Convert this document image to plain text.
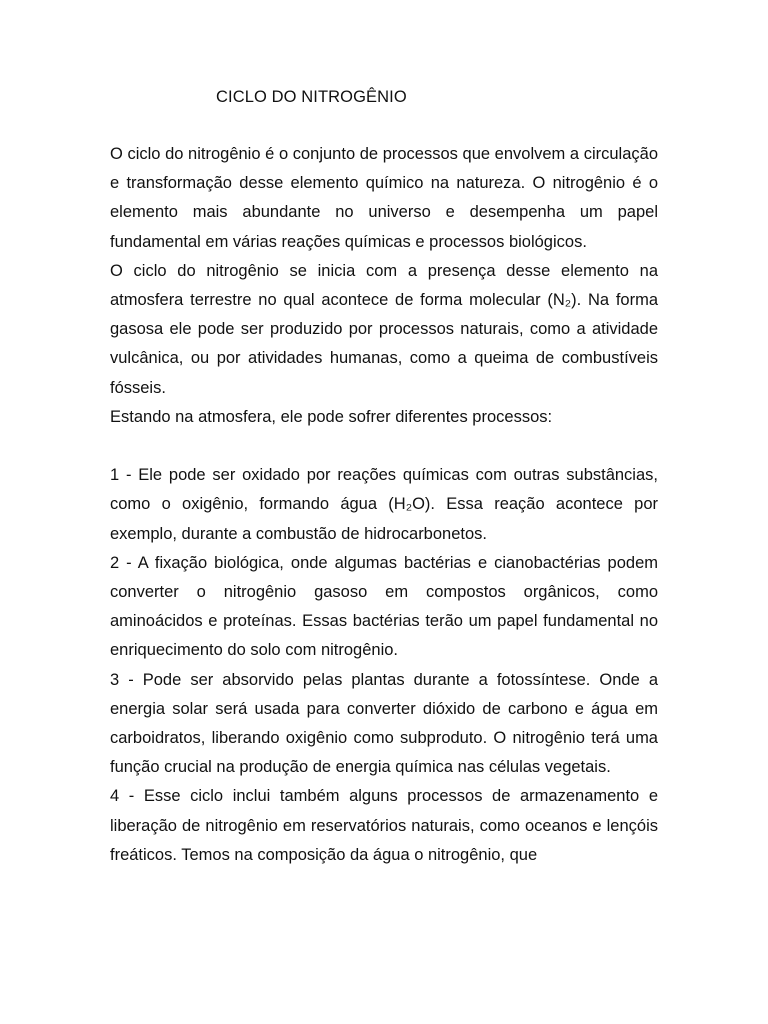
CICLO DO NITROGÊNIO

O ciclo do nitrogênio é o conjunto de processos que envolvem a circulação e transformação desse elemento químico na natureza. O nitrogênio é o elemento mais abundante no universo e desempenha um papel fundamental em várias reações químicas e processos biológicos.

O ciclo do nitrogênio se inicia com a presença desse elemento na atmosfera terrestre no qual acontece de forma molecular (N₂). Na forma gasosa ele pode ser produzido por processos naturais, como a atividade vulcânica, ou por atividades humanas, como a queima de combustíveis fósseis.

Estando na atmosfera, ele pode sofrer diferentes processos:

1 - Ele pode ser oxidado por reações químicas com outras substâncias, como o oxigênio, formando água (H₂O). Essa reação acontece por exemplo, durante a combustão de hidrocarbonetos.

2 - A fixação biológica, onde algumas bactérias e cianobactérias podem converter o nitrogênio gasoso em compostos orgânicos, como aminoácidos e proteínas. Essas bactérias terão um papel fundamental no enriquecimento do solo com nitrogênio.

3 - Pode ser absorvido pelas plantas durante a fotossíntese. Onde a energia solar será usada para converter dióxido de carbono e água em carboidratos, liberando oxigênio como subproduto. O nitrogênio terá uma função crucial na produção de energia química nas células vegetais.

4 - Esse ciclo inclui também alguns processos de armazenamento e liberação de nitrogênio em reservatórios naturais, como oceanos e lençóis freáticos. Temos na composição da água o nitrogênio, que
